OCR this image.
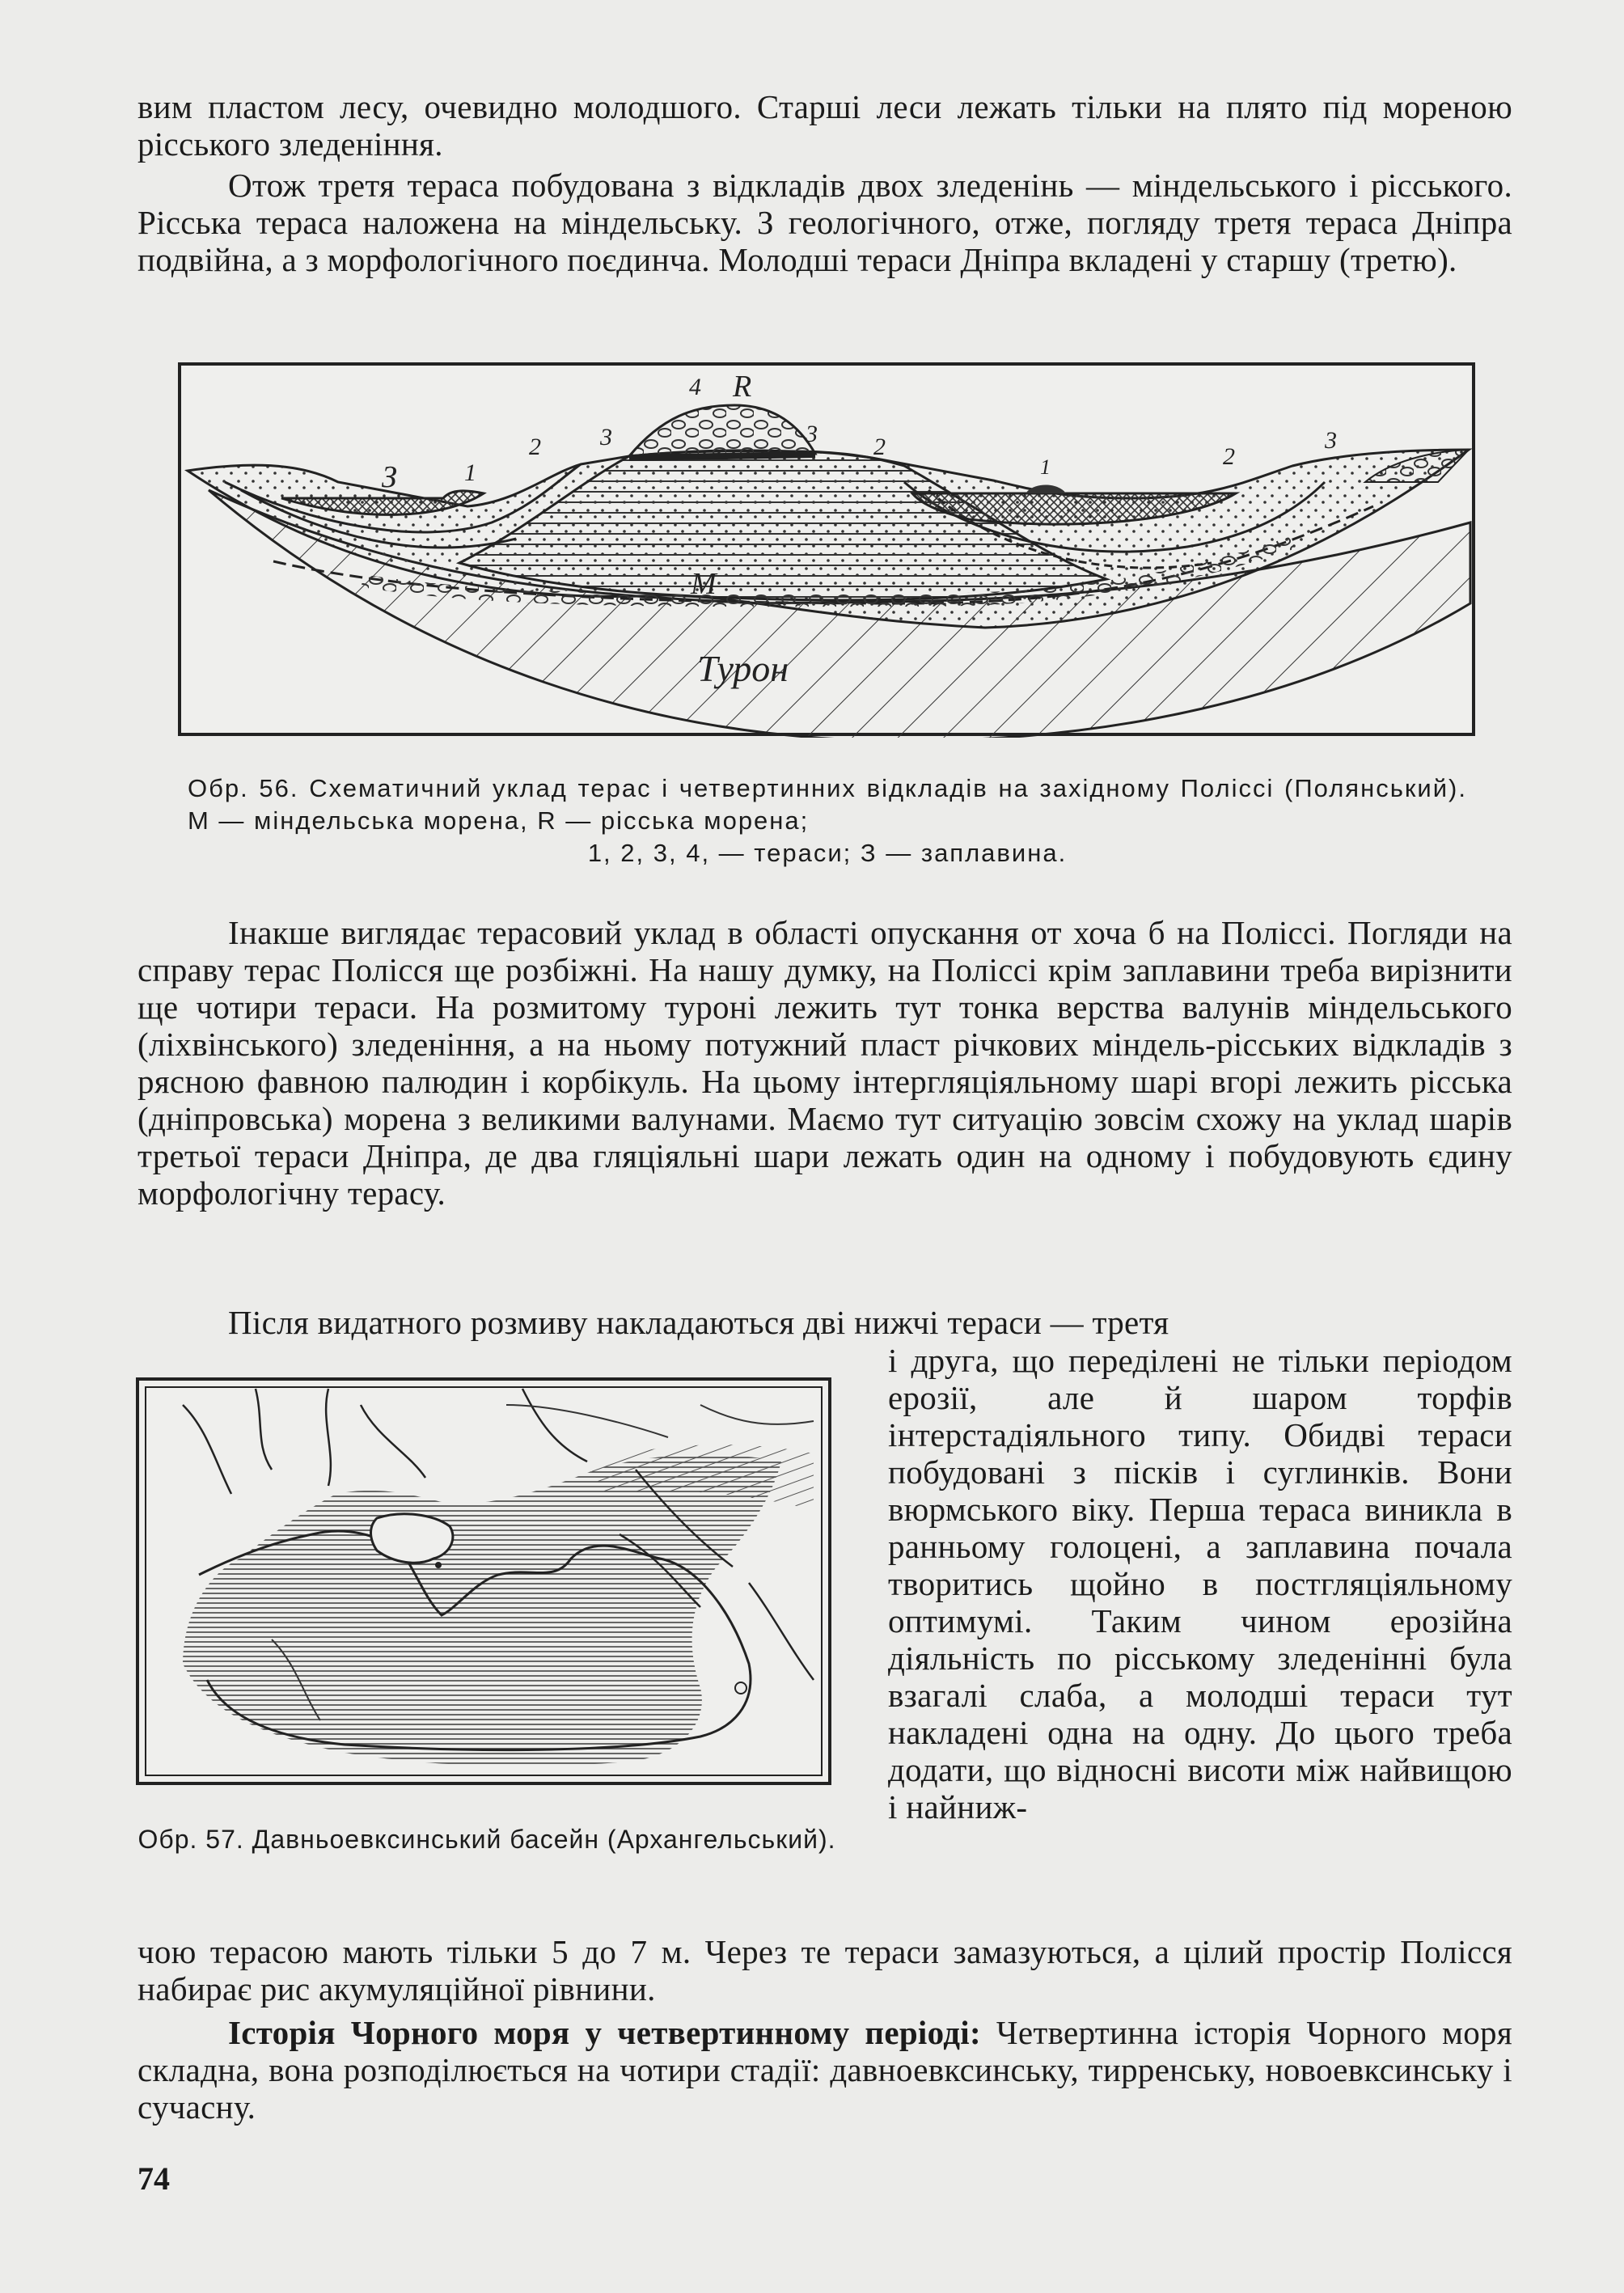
вим пластом лесу, очевидно молодшого. Старші леси лежать тільки на плято під мореною рісського зледеніння.

Отож третя тераса побудована з відкладів двох зледенінь — міндельського і рісського. Рісська тераса наложена на міндельську. З геологічного, отже, погляду третя тераса Дніпра подвійна, а з морфологічного поєдинча. Молодші тераси Дніпра вкладені у старшу (третю).

4 R
З	1
2 3	3 2
1	2
3
M
Турон

Обр. 56. Схематичний уклад терас і четвертинних відкладів на західному Поліссі (Полянський). М — міндельська морена, R — рісська морена;
1, 2, 3, 4, — тераси; З — заплавина.

Інакше виглядає терасовий уклад в області опускання от хоча б на Поліссі. Погляди на справу терас Полісся ще розбіжні. На нашу думку, на Поліссі крім заплавини треба вирізнити ще чотири тераси. На розмитому туроні лежить тут тонка верства валунів міндельського (ліхвінського) зледеніння, а на ньому потужний пласт річкових міндель-рісських відкладів з рясною фавною палюдин і корбікуль. На цьому інтергляціяльному шарі вгорі лежить рісська (дніпровська) морена з великими валунами. Маємо тут ситуацію зовсім схожу на уклад шарів третьої тераси Дніпра, де два гляціяльні шари лежать один на одному і побудовують єдину морфологічну терасу.

Після видатного розмиву накладаються дві нижчі тераси — третя

Обр. 57. Давньоевксинський басейн (Архангельський).

і друга, що переділені не тільки періодом ерозії, але й шаром торфів інтерстадіяльного типу. Обидві тераси побудовані з пісків і суглинків. Вони вюрмського віку. Перша тераса виникла в ранньому голоцені, а заплавина почала творитись щойно в постгляціяльному оптимумі. Таким чином ерозійна діяльність по рісському зледенінні була взагалі слаба, а молодші тераси тут накладені одна на одну. До цього треба додати, що відносні висоти між найвищою і найниж-

чою терасою мають тільки 5 до 7 м. Через те тераси замазуються, а цілий простір Полісся набирає рис акумуляційної рівнини.

Історія Чорного моря у четвертинному періоді: Четвертинна історія Чорного моря складна, вона розподілюється на чотири стадії: давноевксинську, тирренську, новоевксинську і сучасну.

74
